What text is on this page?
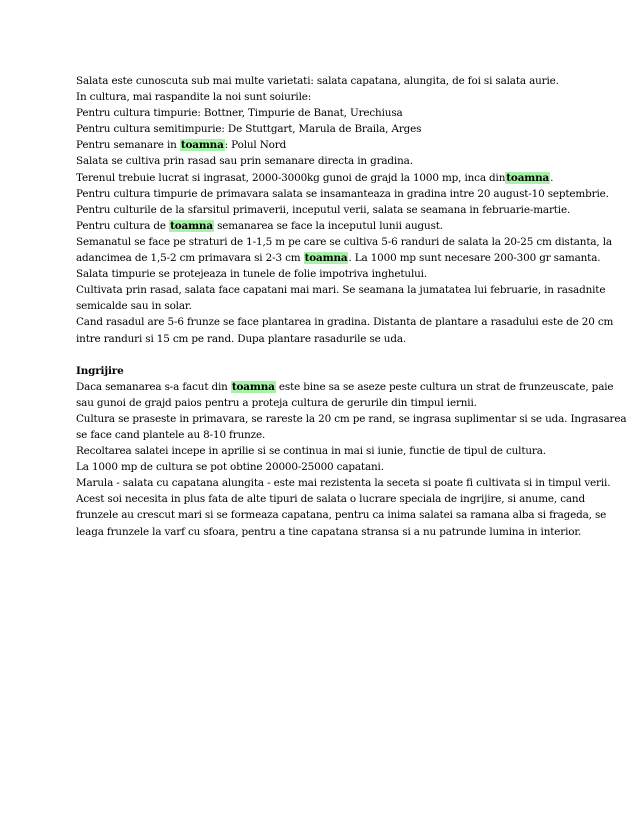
Salata este cunoscuta sub mai multe varietati: salata capatana, alungita, de foi si salata aurie.

In cultura, mai raspandite la noi sunt soiurile:

Pentru cultura timpurie: Bottner, Timpurie de Banat, Urechiusa

Pentru cultura semitimpurie: De Stuttgart, Marula de Braila, Arges

Pentru semanare in toamna: Polul Nord

Salata se cultiva prin rasad sau prin semanare directa in gradina.

Terenul trebuie lucrat si ingrasat, 2000-3000kg gunoi de grajd la 1000 mp, inca dintoamna.

Pentru cultura timpurie de primavara salata se insamanteaza in gradina intre 20 august-10 septembrie.

Pentru culturile de la sfarsitul primaverii, inceputul verii, salata se seamana in februarie-martie.

Pentru cultura de toamna semanarea se face la inceputul lunii august.

Semanatul se face pe straturi de 1-1,5 m pe care se cultiva 5-6 randuri de salata la 20-25 cm distanta, la

adancimea de 1,5-2 cm primavara si 2-3 cm toamna. La 1000 mp sunt necesare 200-300 gr samanta.

Salata timpurie se protejeaza in tunele de folie impotriva inghetului.

Cultivata prin rasad, salata face capatani mai mari. Se seamana la jumatatea lui februarie, in rasadnite

semicalde sau in solar.

Cand rasadul are 5-6 frunze se face plantarea in gradina. Distanta de plantare a rasadului este de 20 cm

intre randuri si 15 cm pe rand. Dupa plantare rasadurile se uda.

Ingrijire

Daca semanarea s-a facut din toamna este bine sa se aseze peste cultura un strat de frunzeuscate, paie

sau gunoi de grajd paios pentru a proteja cultura de gerurile din timpul iernii.

Cultura se praseste in primavara, se rareste la 20 cm pe rand, se ingrasa suplimentar si se uda. Ingrasarea

se face cand plantele au 8-10 frunze.

Recoltarea salatei incepe in aprilie si se continua in mai si iunie, functie de tipul de cultura.

La 1000 mp de cultura se pot obtine 20000-25000 capatani.

Marula - salata cu capatana alungita - este mai rezistenta la seceta si poate fi cultivata si in timpul verii.

Acest soi necesita in plus fata de alte tipuri de salata o lucrare speciala de ingrijire, si anume, cand

frunzele au crescut mari si se formeaza capatana, pentru ca inima salatei sa ramana alba si frageda, se

leaga frunzele la varf cu sfoara, pentru a tine capatana stransa si a nu patrunde lumina in interior.
